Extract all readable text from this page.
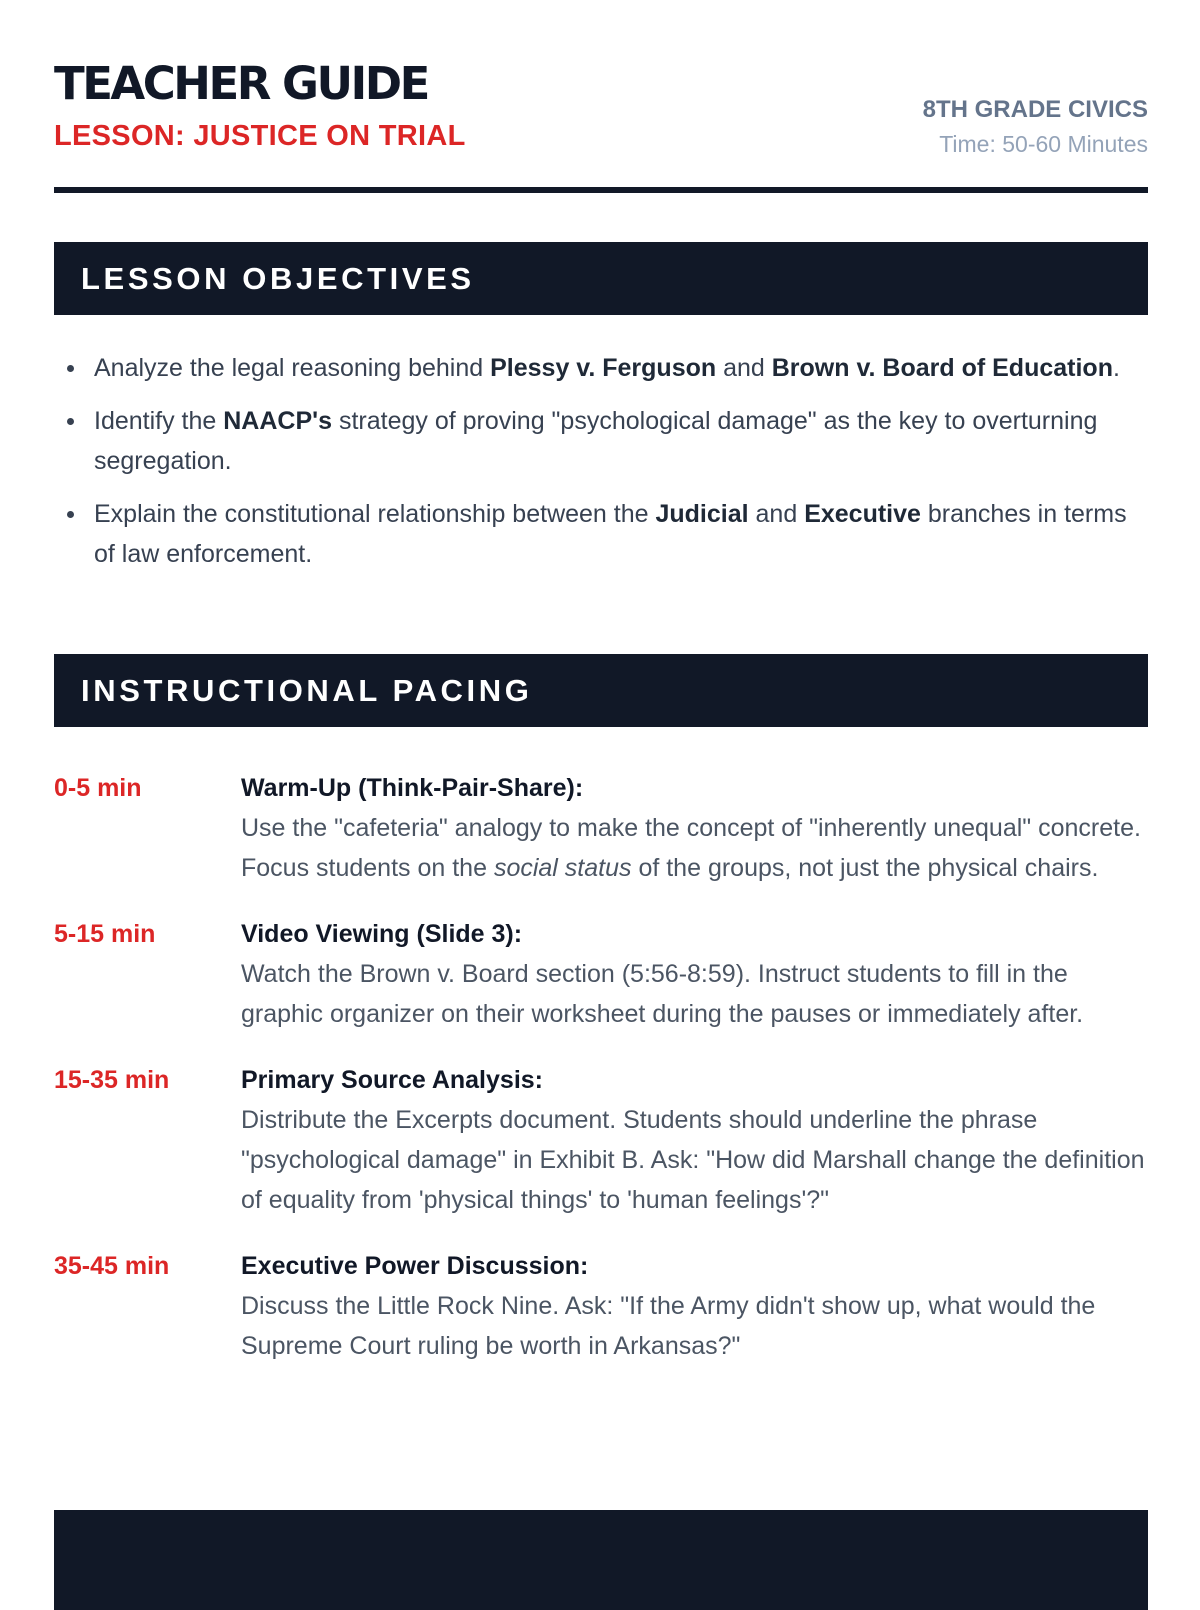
TEACHER GUIDE
LESSON: JUSTICE ON TRIAL
8TH GRADE CIVICS
Time: 50-60 Minutes
LESSON OBJECTIVES
Analyze the legal reasoning behind Plessy v. Ferguson and Brown v. Board of Education.
Identify the NAACP's strategy of proving "psychological damage" as the key to overturning segregation.
Explain the constitutional relationship between the Judicial and Executive branches in terms of law enforcement.
INSTRUCTIONAL PACING
0-5 min	Warm-Up (Think-Pair-Share):
Use the "cafeteria" analogy to make the concept of "inherently unequal" concrete. Focus students on the social status of the groups, not just the physical chairs.
5-15 min	Video Viewing (Slide 3):
Watch the Brown v. Board section (5:56-8:59). Instruct students to fill in the graphic organizer on their worksheet during the pauses or immediately after.
15-35 min	Primary Source Analysis:
Distribute the Excerpts document. Students should underline the phrase "psychological damage" in Exhibit B. Ask: "How did Marshall change the definition of equality from 'physical things' to 'human feelings'?"
35-45 min	Executive Power Discussion:
Discuss the Little Rock Nine. Ask: "If the Army didn't show up, what would the Supreme Court ruling be worth in Arkansas?"
